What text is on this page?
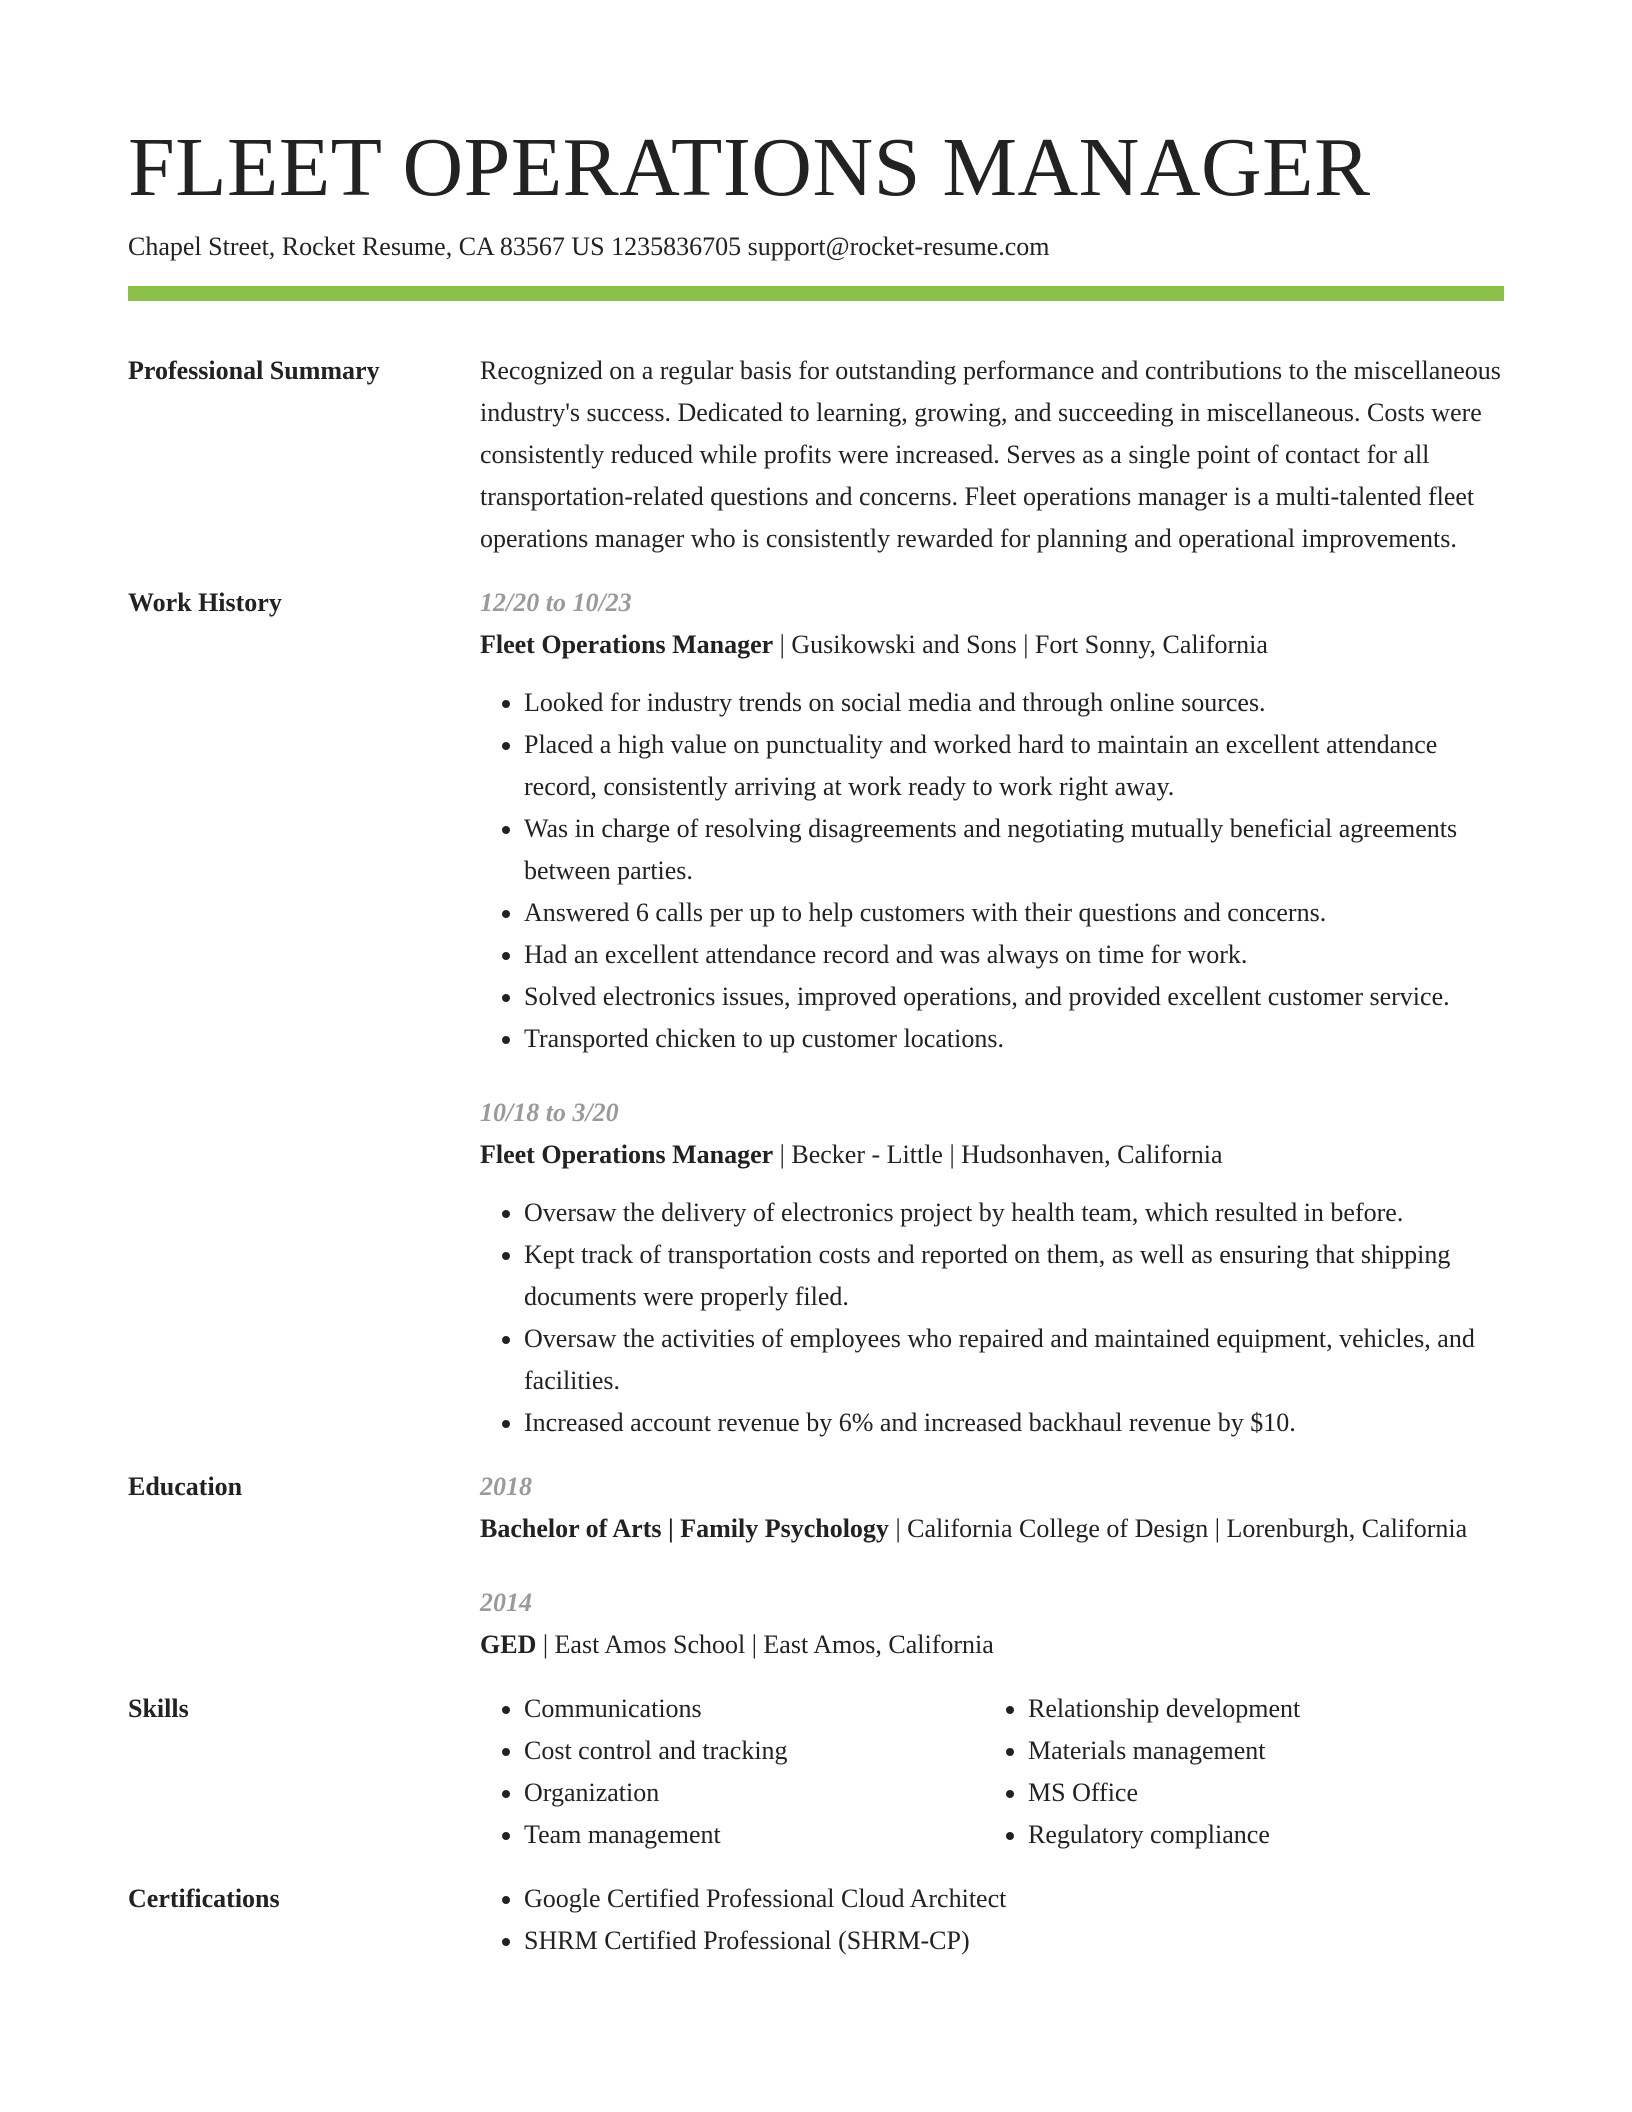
FLEET OPERATIONS MANAGER
Chapel Street, Rocket Resume, CA 83567 US 1235836705 support@rocket-resume.com
Professional Summary	Recognized on a regular basis for outstanding performance and contributions to the miscellaneous industry's success. Dedicated to learning, growing, and succeeding in miscellaneous. Costs were consistently reduced while profits were increased. Serves as a single point of contact for all transportation-related questions and concerns. Fleet operations manager is a multi-talented fleet operations manager who is consistently rewarded for planning and operational improvements.

Work History	12/20 to 10/23
Fleet Operations Manager | Gusikowski and Sons | Fort Sonny, California
• Looked for industry trends on social media and through online sources.
• Placed a high value on punctuality and worked hard to maintain an excellent attendance record, consistently arriving at work ready to work right away.
• Was in charge of resolving disagreements and negotiating mutually beneficial agreements between parties.
• Answered 6 calls per up to help customers with their questions and concerns.
• Had an excellent attendance record and was always on time for work.
• Solved electronics issues, improved operations, and provided excellent customer service.
• Transported chicken to up customer locations.
10/18 to 3/20
Fleet Operations Manager | Becker - Little | Hudsonhaven, California
• Oversaw the delivery of electronics project by health team, which resulted in before.
• Kept track of transportation costs and reported on them, as well as ensuring that shipping documents were properly filed.
• Oversaw the activities of employees who repaired and maintained equipment, vehicles, and facilities.
• Increased account revenue by 6% and increased backhaul revenue by $10.
Education	2018
Bachelor of Arts | Family Psychology | California College of Design | Lorenburgh, California
2014
GED | East Amos School | East Amos, California
Skills	• Communications
• Cost control and tracking
• Organization
• Team management
• Relationship development
• Materials management
• MS Office
• Regulatory compliance
Certifications	• Google Certified Professional Cloud Architect
• SHRM Certified Professional (SHRM-CP)
